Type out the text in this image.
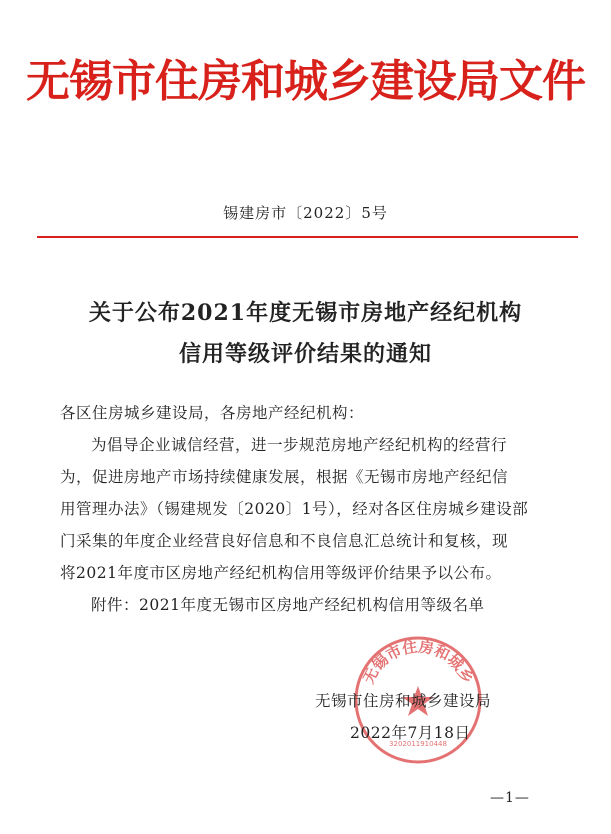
无锡市住房和城乡建设局文件
锡建房市〔2022〕5号
关于公布2021年度无锡市房地产经纪机构
信用等级评价结果的通知
各区住房城乡建设局，各房地产经纪机构：
为倡导企业诚信经营，进一步规范房地产经纪机构的经营行
为，促进房地产市场持续健康发展，根据《无锡市房地产经纪信
用管理办法》（锡建规发〔2020〕1号），经对各区住房城乡建设部
门采集的年度企业经营良好信息和不良信息汇总统计和复核，现
将2021年度市区房地产经纪机构信用等级评价结果予以公布。
附件：2021年度无锡市区房地产经纪机构信用等级名单
无锡市住房和城乡
3202011910448
无锡市住房和城乡建设局
2022年7月18日
—1—
